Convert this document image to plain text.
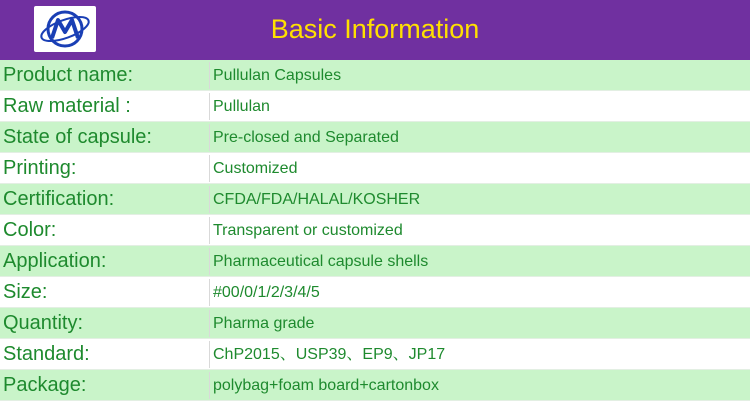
Basic Information
Product name:	Pullulan Capsules
Raw material :	Pullulan
State of capsule:	Pre-closed and Separated
Printing:	Customized
Certification:	CFDA/FDA/HALAL/KOSHER
Color:	Transparent or customized
Application:	Pharmaceutical capsule shells
Size:	#00/0/1/2/3/4/5
Quantity:	Pharma grade
Standard:	ChP2015、USP39、EP9、JP17
Package:	polybag+foam board+cartonbox
